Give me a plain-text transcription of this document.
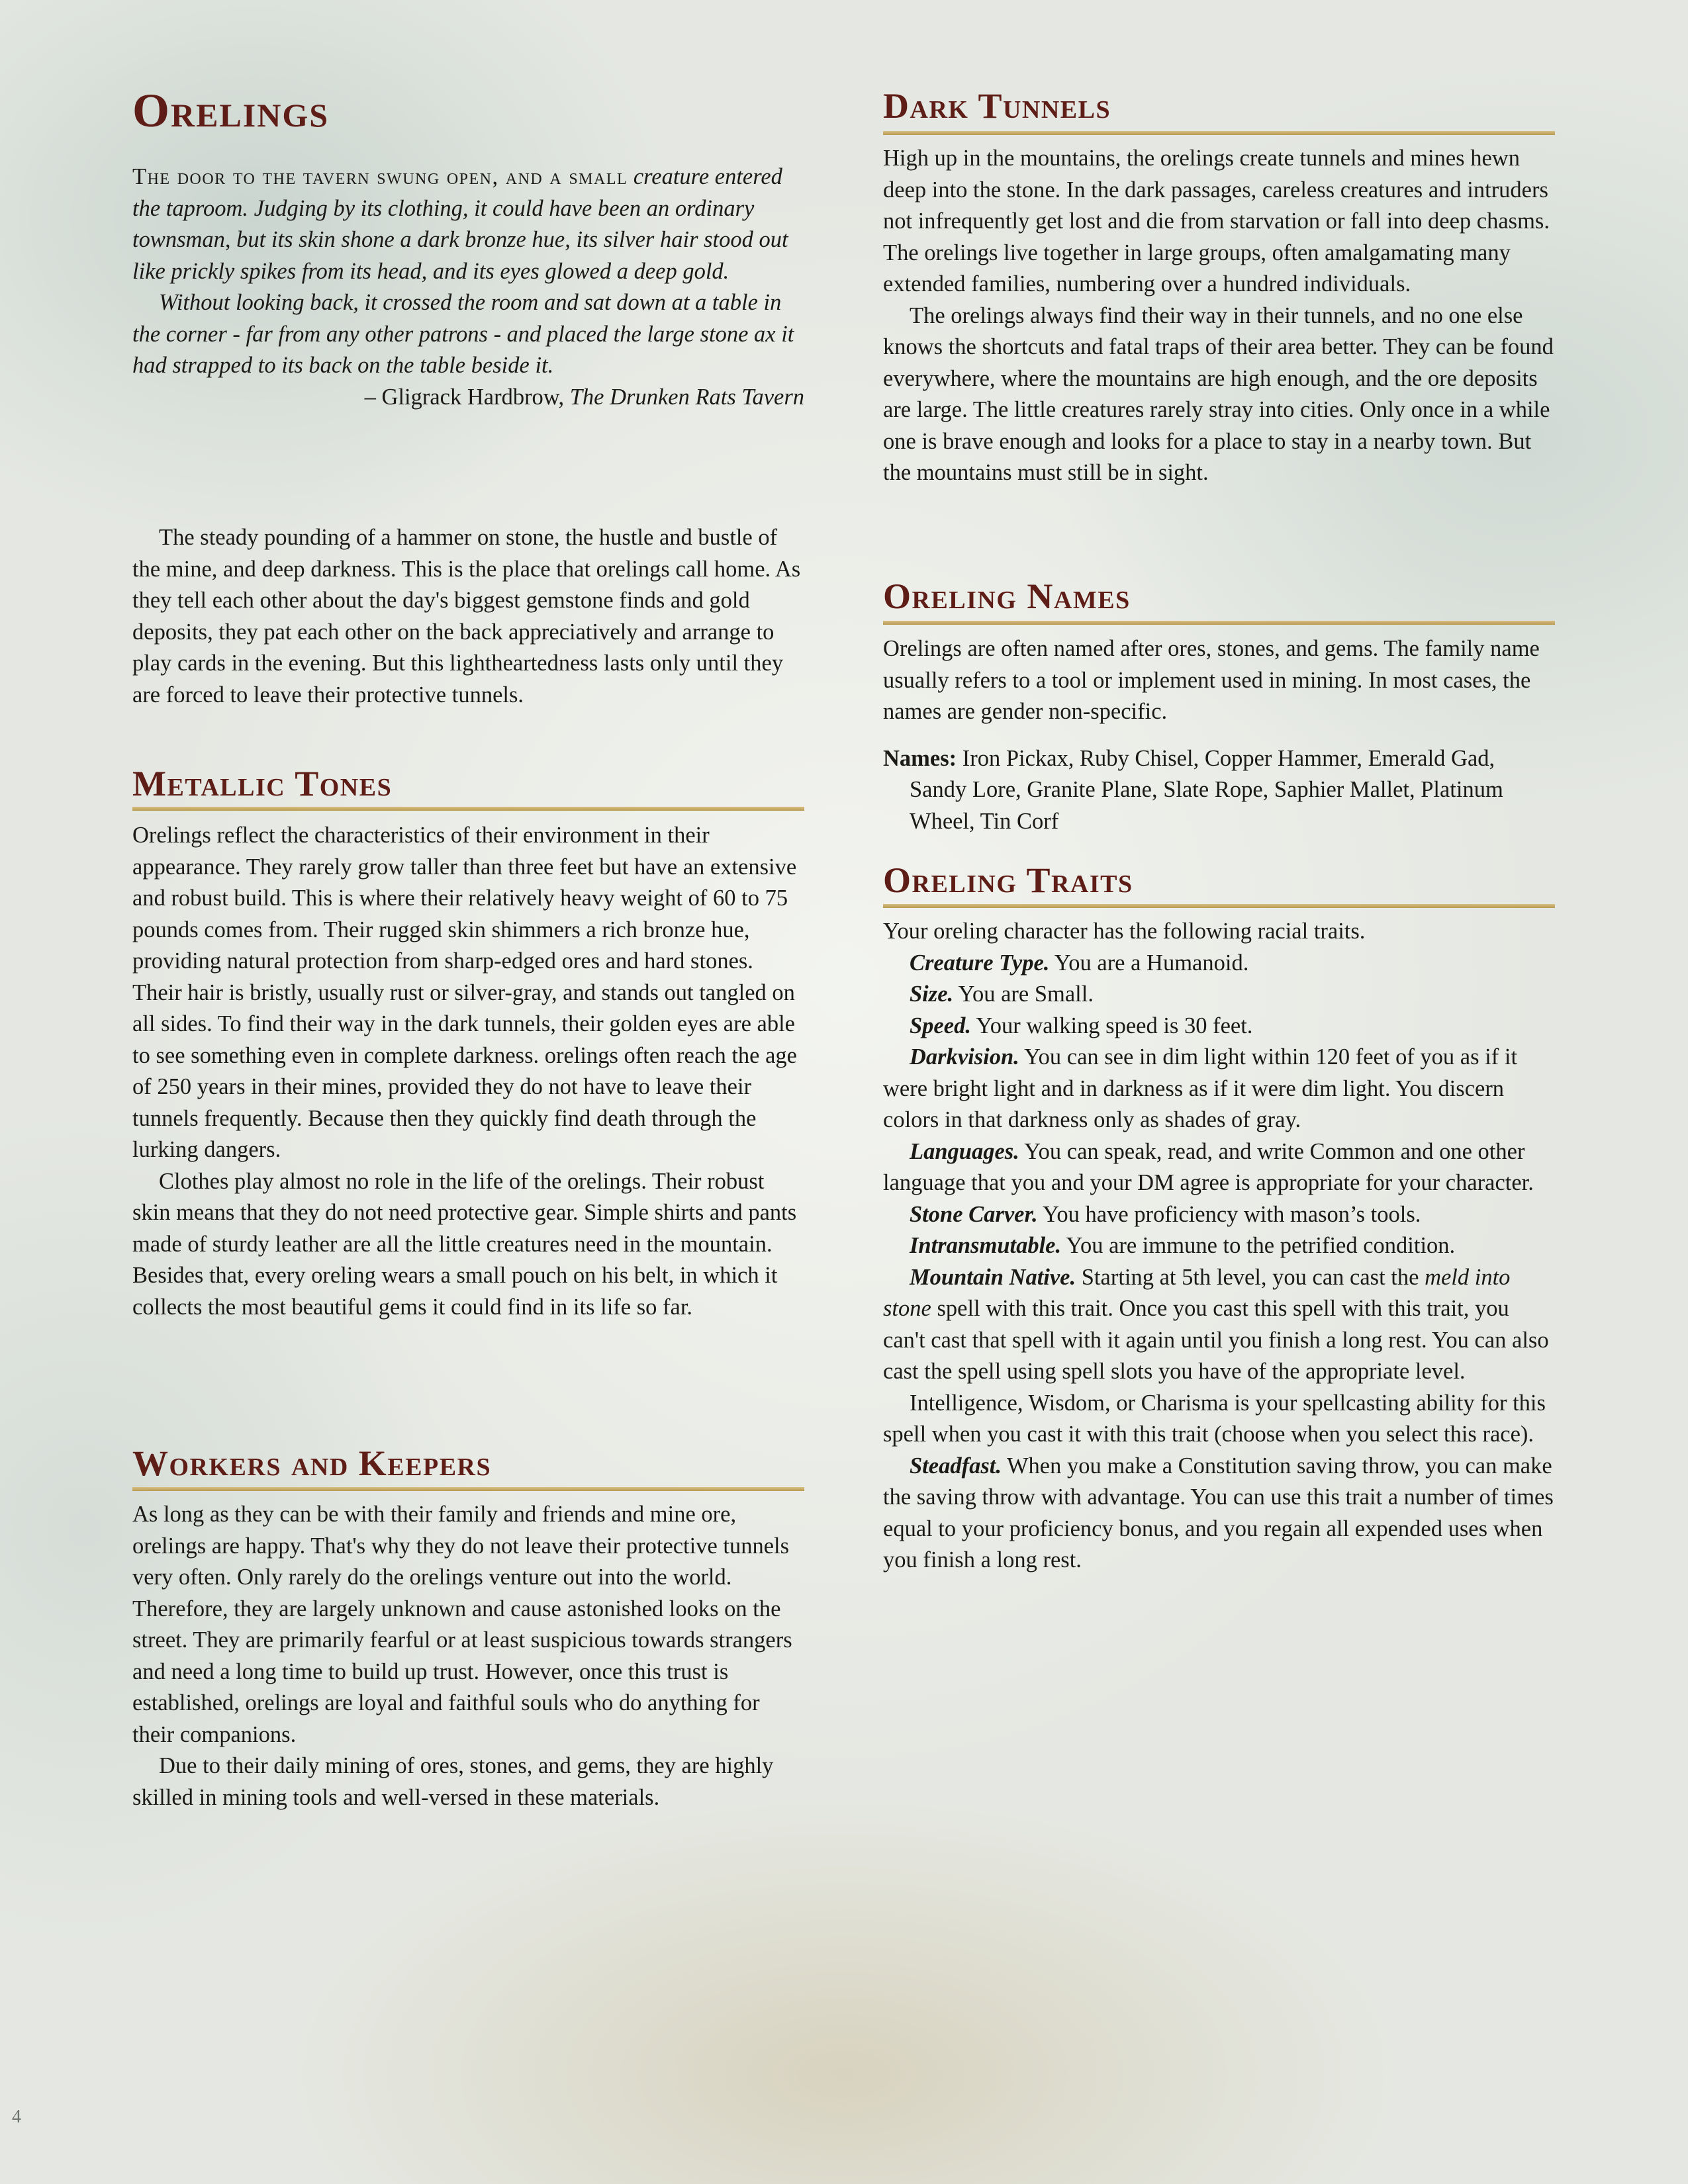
Orelings

The door to the tavern swung open, and a small creature entered the taproom. Judging by its clothing, it could have been an ordinary townsman, but its skin shone a dark bronze hue, its silver hair stood out like prickly spikes from its head, and its eyes glowed a deep gold.

Without looking back, it crossed the room and sat down at a table in the corner - far from any other patrons - and placed the large stone ax it had strapped to its back on the table beside it.

– Gligrack Hardbrow, The Drunken Rats Tavern

The steady pounding of a hammer on stone, the hustle and bustle of the mine, and deep darkness. This is the place that orelings call home. As they tell each other about the day's biggest gemstone finds and gold deposits, they pat each other on the back appreciatively and arrange to play cards in the evening. But this lightheartedness lasts only until they are forced to leave their protective tunnels.

Metallic Tones

Orelings reflect the characteristics of their environment in their appearance. They rarely grow taller than three feet but have an extensive and robust build. This is where their relatively heavy weight of 60 to 75 pounds comes from. Their rugged skin shimmers a rich bronze hue, providing natural protection from sharp-edged ores and hard stones. Their hair is bristly, usually rust or silver-gray, and stands out tangled on all sides. To find their way in the dark tunnels, their golden eyes are able to see something even in complete darkness. orelings often reach the age of 250 years in their mines, provided they do not have to leave their tunnels frequently. Because then they quickly find death through the lurking dangers.

Clothes play almost no role in the life of the orelings. Their robust skin means that they do not need protective gear. Simple shirts and pants made of sturdy leather are all the little creatures need in the mountain. Besides that, every oreling wears a small pouch on his belt, in which it collects the most beautiful gems it could find in its life so far.

Workers and Keepers

As long as they can be with their family and friends and mine ore, orelings are happy. That's why they do not leave their protective tunnels very often. Only rarely do the orelings venture out into the world. Therefore, they are largely unknown and cause astonished looks on the street. They are primarily fearful or at least suspicious towards strangers and need a long time to build up trust. However, once this trust is established, orelings are loyal and faithful souls who do anything for their companions.

Due to their daily mining of ores, stones, and gems, they are highly skilled in mining tools and well-versed in these materials.

Dark Tunnels

High up in the mountains, the orelings create tunnels and mines hewn deep into the stone. In the dark passages, careless creatures and intruders not infrequently get lost and die from starvation or fall into deep chasms. The orelings live together in large groups, often amalgamating many extended families, numbering over a hundred individuals.

The orelings always find their way in their tunnels, and no one else knows the shortcuts and fatal traps of their area better. They can be found everywhere, where the mountains are high enough, and the ore deposits are large. The little creatures rarely stray into cities. Only once in a while one is brave enough and looks for a place to stay in a nearby town. But the mountains must still be in sight.

Oreling Names

Orelings are often named after ores, stones, and gems. The family name usually refers to a tool or implement used in mining. In most cases, the names are gender non-specific.

Names: Iron Pickax, Ruby Chisel, Copper Hammer, Emerald Gad, Sandy Lore, Granite Plane, Slate Rope, Saphier Mallet, Platinum Wheel, Tin Corf

Oreling Traits

Your oreling character has the following racial traits.

Creature Type. You are a Humanoid.

Size. You are Small.

Speed. Your walking speed is 30 feet.

Darkvision. You can see in dim light within 120 feet of you as if it were bright light and in darkness as if it were dim light. You discern colors in that darkness only as shades of gray.

Languages. You can speak, read, and write Common and one other language that you and your DM agree is appropriate for your character.

Stone Carver. You have proficiency with mason’s tools.

Intransmutable. You are immune to the petrified condition.

Mountain Native. Starting at 5th level, you can cast the meld into stone spell with this trait. Once you cast this spell with this trait, you can't cast that spell with it again until you finish a long rest. You can also cast the spell using spell slots you have of the appropriate level.

Intelligence, Wisdom, or Charisma is your spellcasting ability for this spell when you cast it with this trait (choose when you select this race).

Steadfast. When you make a Constitution saving throw, you can make the saving throw with advantage. You can use this trait a number of times equal to your proficiency bonus, and you regain all expended uses when you finish a long rest.

4
